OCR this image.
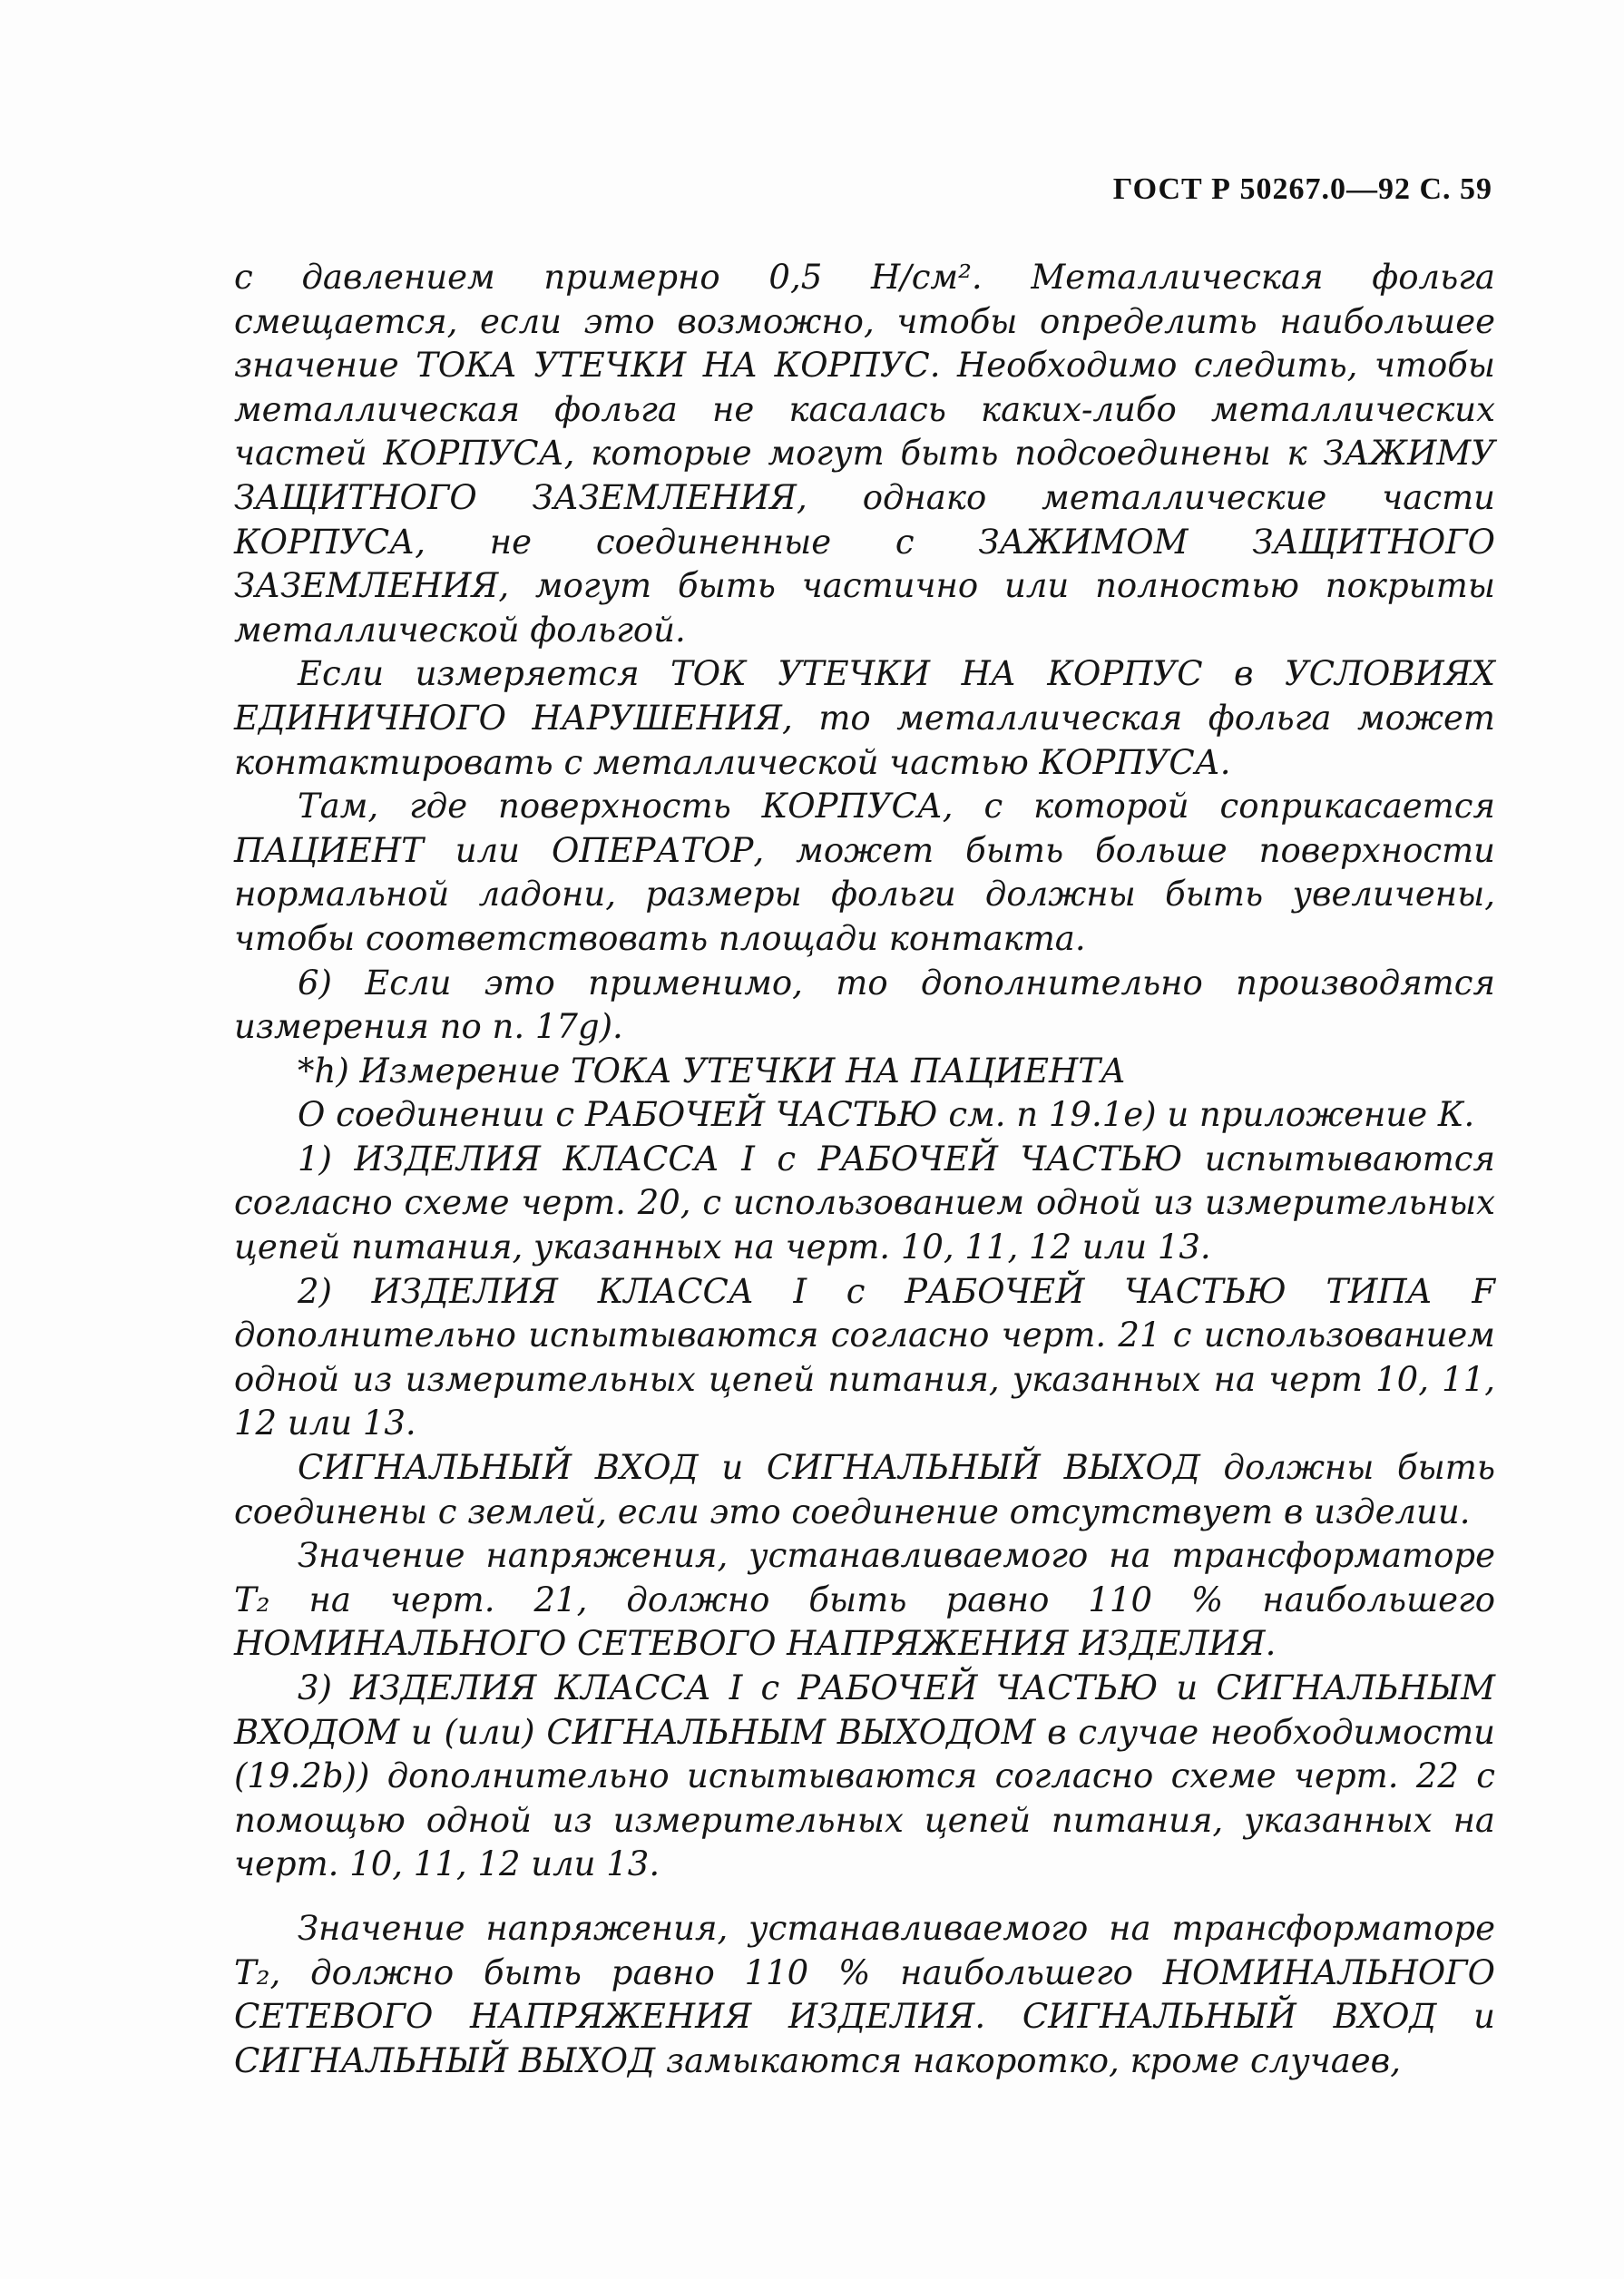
ГОСТ Р 50267.0—92 С. 59

с давлением примерно 0,5 Н/см². Металлическая фольга смещается, если это возможно, чтобы определить наибольшее значение ТОКА УТЕЧКИ НА КОРПУС. Необходимо следить, чтобы металлическая фольга не касалась каких-либо металлических частей КОРПУСА, которые могут быть подсоединены к ЗАЖИМУ ЗАЩИТНОГО ЗАЗЕМЛЕНИЯ, однако металлические части КОРПУСА, не соединенные с ЗАЖИМОМ ЗАЩИТНОГО ЗАЗЕМЛЕНИЯ, могут быть частично или полностью покрыты металлической фольгой.

Если измеряется ТОК УТЕЧКИ НА КОРПУС в УСЛОВИЯХ ЕДИНИЧНОГО НАРУШЕНИЯ, то металлическая фольга может контактировать с металлической частью КОРПУСА.

Там, где поверхность КОРПУСА, с которой соприкасается ПАЦИЕНТ или ОПЕРАТОР, может быть больше поверхности нормальной ладони, размеры фольги должны быть увеличены, чтобы соответствовать площади контакта.

6) Если это применимо, то дополнительно производятся измерения по п. 17g).

*h) Измерение ТОКА УТЕЧКИ НА ПАЦИЕНТА

О соединении с РАБОЧЕЙ ЧАСТЬЮ см. п 19.1е) и приложение К.

1) ИЗДЕЛИЯ КЛАССА I с РАБОЧЕЙ ЧАСТЬЮ испытываются согласно схеме черт. 20, с использованием одной из измерительных цепей питания, указанных на черт. 10, 11, 12 или 13.

2) ИЗДЕЛИЯ КЛАССА I с РАБОЧЕЙ ЧАСТЬЮ ТИПА F дополнительно испытываются согласно черт. 21 с использованием одной из измерительных цепей питания, указанных на черт 10, 11, 12 или 13.

СИГНАЛЬНЫЙ ВХОД и СИГНАЛЬНЫЙ ВЫХОД должны быть соединены с землей, если это соединение отсутствует в изделии.

Значение напряжения, устанавливаемого на трансформаторе T₂ на черт. 21, должно быть равно 110 % наибольшего НОМИНАЛЬНОГО СЕТЕВОГО НАПРЯЖЕНИЯ ИЗДЕЛИЯ.

3) ИЗДЕЛИЯ КЛАССА I с РАБОЧЕЙ ЧАСТЬЮ и СИГНАЛЬНЫМ ВХОДОМ и (или) СИГНАЛЬНЫМ ВЫХОДОМ в случае необходимости (19.2b)) дополнительно испытываются согласно схеме черт. 22 с помощью одной из измерительных цепей питания, указанных на черт. 10, 11, 12 или 13.

Значение напряжения, устанавливаемого на трансформаторе T₂, должно быть равно 110 % наибольшего НОМИНАЛЬНОГО СЕТЕВОГО НАПРЯЖЕНИЯ ИЗДЕЛИЯ. СИГНАЛЬНЫЙ ВХОД и СИГНАЛЬНЫЙ ВЫХОД замыкаются накоротко, кроме случаев,
